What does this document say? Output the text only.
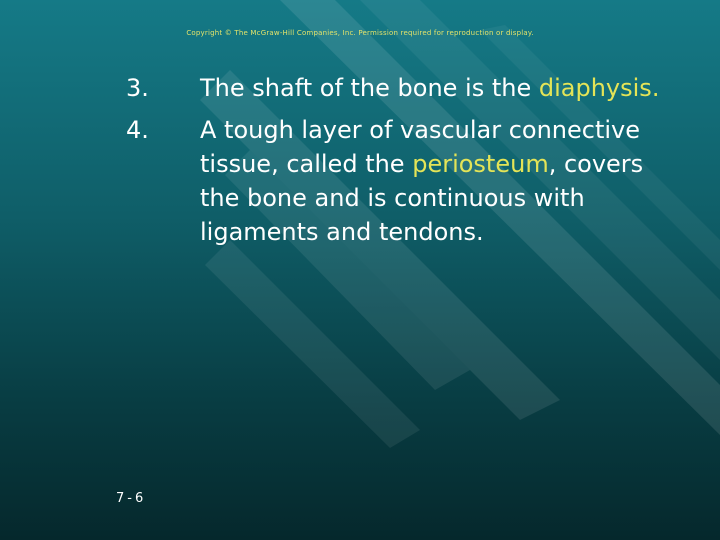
Copyright © The McGraw-Hill Companies, Inc. Permission required for reproduction or display.
3. The shaft of the bone is the diaphysis.
4. A tough layer of vascular connective tissue, called the periosteum, covers the bone and is continuous with ligaments and tendons.
7-6
